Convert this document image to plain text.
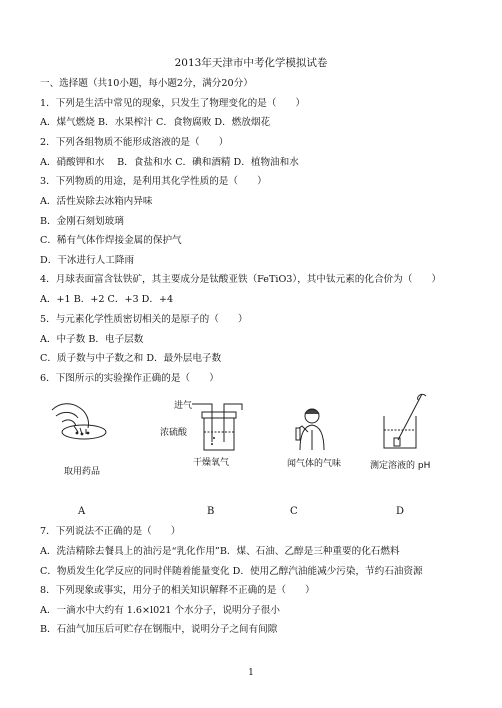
2013年天津市中考化学模拟试卷
一、选择题（共10小题，每小题2分，满分20分）
1．下列是生活中常见的现象，只发生了物理变化的是（　　）
A．煤气燃烧 B．水果榨汁 C．食物腐败 D．燃放烟花
2．下列各组物质不能形成溶液的是（　　）
A．硝酸钾和水　 B．食盐和水 C．碘和酒精 D．植物油和水
3．下列物质的用途，是利用其化学性质的是（　　）
A．活性炭除去冰箱内异味
B．金刚石刻划玻璃
C．稀有气体作焊接金属的保护气
D．干冰进行人工降雨
4．月球表面富含钛铁矿，其主要成分是钛酸亚铁（FeTiO3），其中钛元素的化合价为（　　）
A．+1 B．+2 C．+3 D．+4
5．与元素化学性质密切相关的是原子的（　　）
A．中子数 B．电子层数
C．质子数与中子数之和 D．最外层电子数
6．下图所示的实验操作正确的是（　　）
取用药品
进气
浓硫酸
干燥氧气	闻气体的气味	测定溶液的 pH
A	B	C	D
7．下列说法不正确的是（　　）
A．洗洁精除去餐具上的油污是“乳化作用”B．煤、石油、乙醇是三种重要的化石燃料
C．物质发生化学反应的同时伴随着能量变化 D．使用乙醇汽油能减少污染，节约石油资源
8．下列现象或事实，用分子的相关知识解释不正确的是（　　）
A．一滴水中大约有 1.6×l021 个水分子，说明分子很小
B．石油气加压后可贮存在钢瓶中，说明分子之间有间隙
1
